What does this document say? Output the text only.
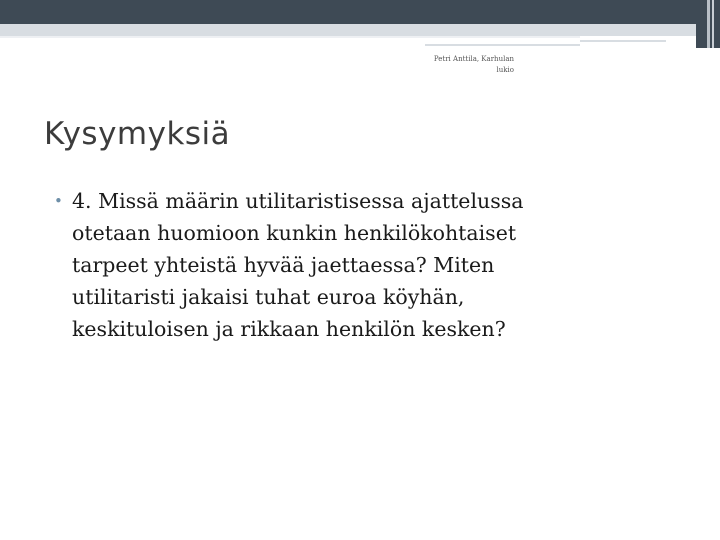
Petri Anttila, Karhulan
lukio
Kysymyksiä
• 4. Missä määrin utilitaristisessa ajattelussa
otetaan huomioon kunkin henkilökohtaiset
tarpeet yhteistä hyvää jaettaessa? Miten
utilitaristi jakaisi tuhat euroa köyhän,
keskituloisen ja rikkaan henkilön kesken?
